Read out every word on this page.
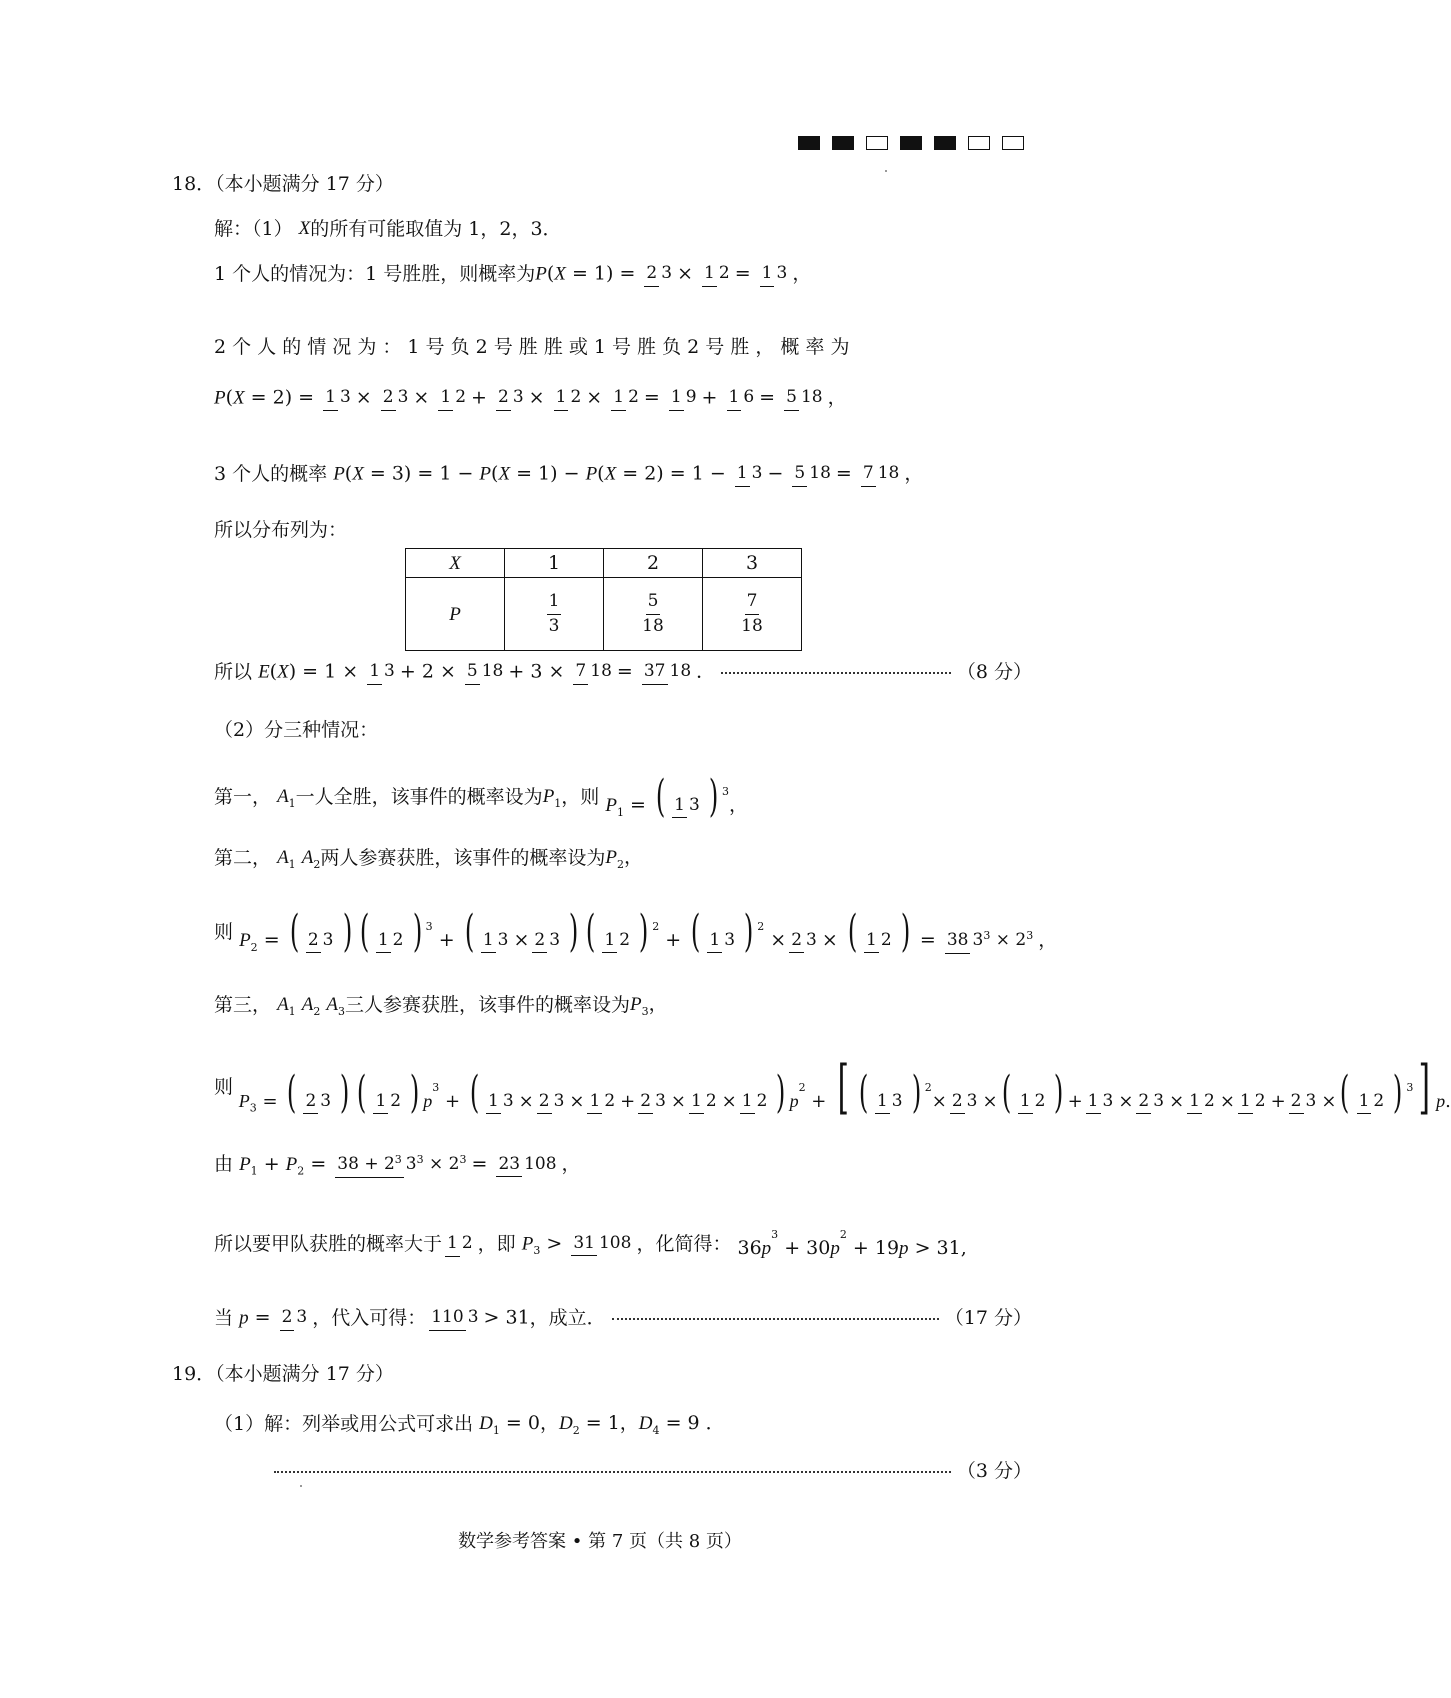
18．（本小题满分 17 分）
解：（1）
X 的所有可能取值为 1，2，3．
1 个人的情况为：1 号胜胜，则概率为 P(X = 1) = 2 3 × 1 2 = 1 3 ，
2 个 人 的 情 况 为 ： 1 号 负 2 号 胜 胜 或 1 号 胜 负 2 号 胜 ， 概 率 为
P(X = 2) = 1 3 × 2 3 × 1 2 + 2 3 × 1 2 × 1 2 = 1 9 + 1 6 = 5 18 ，
3 个人的概率 P(X = 3) = 1 − P(X = 1) − P(X = 2) = 1 − 1 3 − 5 18 = 7 18 ，
所以分布列为：
X	1	2	3
P	$\frac{1}{3}$	$\frac{5}{18}$	$\frac{7}{18}$
所以 E(X) = 1 × 1 3 + 2 × 5 18 + 3 × 7 18 = 37 18 ．	（8 分）
（2）分三种情况：
第一， $A_1$ 一人全胜，该事件的概率设为 $P_1$ ，则 $P_1$ = ( 1 3 ) $^3$，
第二， $A_1$ $A_2$ 两人参赛获胜，该事件的概率设为 $P_2$，
则 $P_2$ = ( 2 3 ) ( 1 2 ) $^3$ + ( 1 3 × 2 3 ) ( 1 2 ) $^2$ + ( 1 3 ) $^2$ × 2 3 × ( 1 2 ) = 38 $3^3 \times 2^3$ ，
第三， $A_1$ $A_2$ $A_3$ 三人参赛获胜，该事件的概率设为 $P_3$，
则
$P_3$ = ( 2 3 ) ( 1 2 ) $p^3$ + ( 1 3 × 2 3 × 1 2 + 2 3 × 1 2 × 1 2 ) $p^2$ + [ ( 1 3 ) $^2$× 2 3 ×( 1 2 ) + 1 3 × 2 3 × 1 2 × 1 2 + 2 3 ×( 1 2 ) $^3$] p.
由 $P_1 + P_2 = 38 + 2^3$ $3^3 \times 2^3 = 23$ 108 ，
所以要甲队获胜的概率大于 1 2 ，即 $P_3 > 31$ 108 ，化简得： $36p^3 + 30p^2 + 19p > 31$,
当 p = 2 3 ，代入可得： 110 3 > 31 ，成立．	（17 分）
19．（本小题满分 17 分）
（1）解：列举或用公式可求出 $D_1 = 0$，$D_2 = 1$，$D_4 = 9$ ．
（3 分）
数学参考答案 • 第 7 页（共 8 页）
